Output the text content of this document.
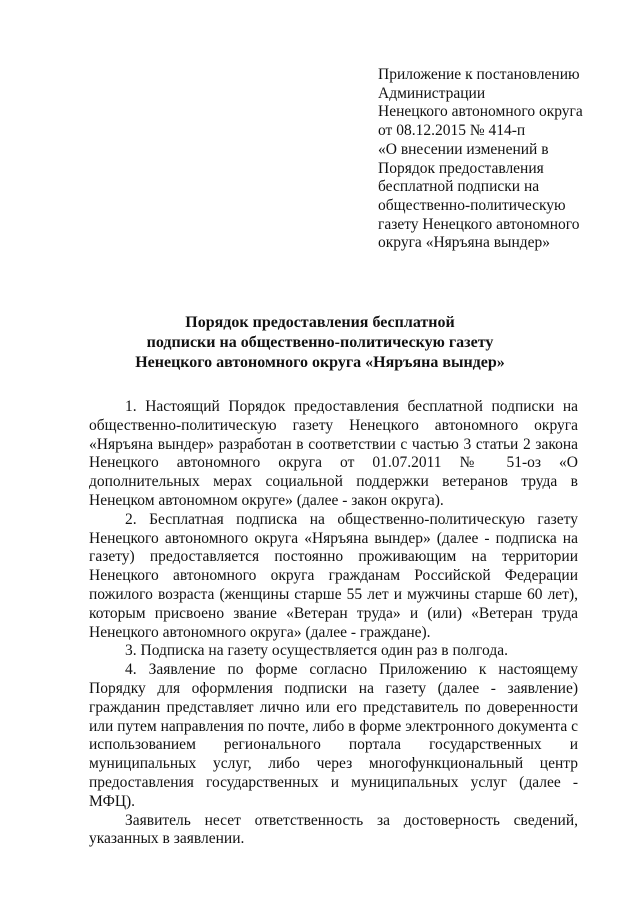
Приложение к постановлению
Администрации
Ненецкого автономного округа
от 08.12.2015 № 414-п
«О внесении изменений в
Порядок предоставления
бесплатной подписки на
общественно-политическую
газету Ненецкого автономного
округа «Няръяна вындер»
Порядок предоставления бесплатной
подписки на общественно-политическую газету
Ненецкого автономного округа «Няръяна вындер»

1. Настоящий Порядок предоставления бесплатной подписки на общественно-политическую газету Ненецкого автономного округа «Няръяна вындер» разработан в соответствии с частью 3 статьи 2 закона Ненецкого автономного округа от 01.07.2011 № 51-оз «О дополнительных мерах социальной поддержки ветеранов труда в Ненецком автономном округе» (далее - закон округа).

2. Бесплатная подписка на общественно-политическую газету Ненецкого автономного округа «Няръяна вындер» (далее - подписка на газету) предоставляется постоянно проживающим на территории Ненецкого автономного округа гражданам Российской Федерации пожилого возраста (женщины старше 55 лет и мужчины старше 60 лет), которым присвоено звание «Ветеран труда» и (или) «Ветеран труда Ненецкого автономного округа» (далее - граждане).

3. Подписка на газету осуществляется один раз в полгода.

4. Заявление по форме согласно Приложению к настоящему Порядку для оформления подписки на газету (далее - заявление) гражданин представляет лично или его представитель по доверенности или путем направления по почте, либо в форме электронного документа с использованием регионального портала государственных и муниципальных услуг, либо через многофункциональный центр предоставления государственных и муниципальных услуг (далее - МФЦ).

Заявитель несет ответственность за достоверность сведений, указанных в заявлении.
